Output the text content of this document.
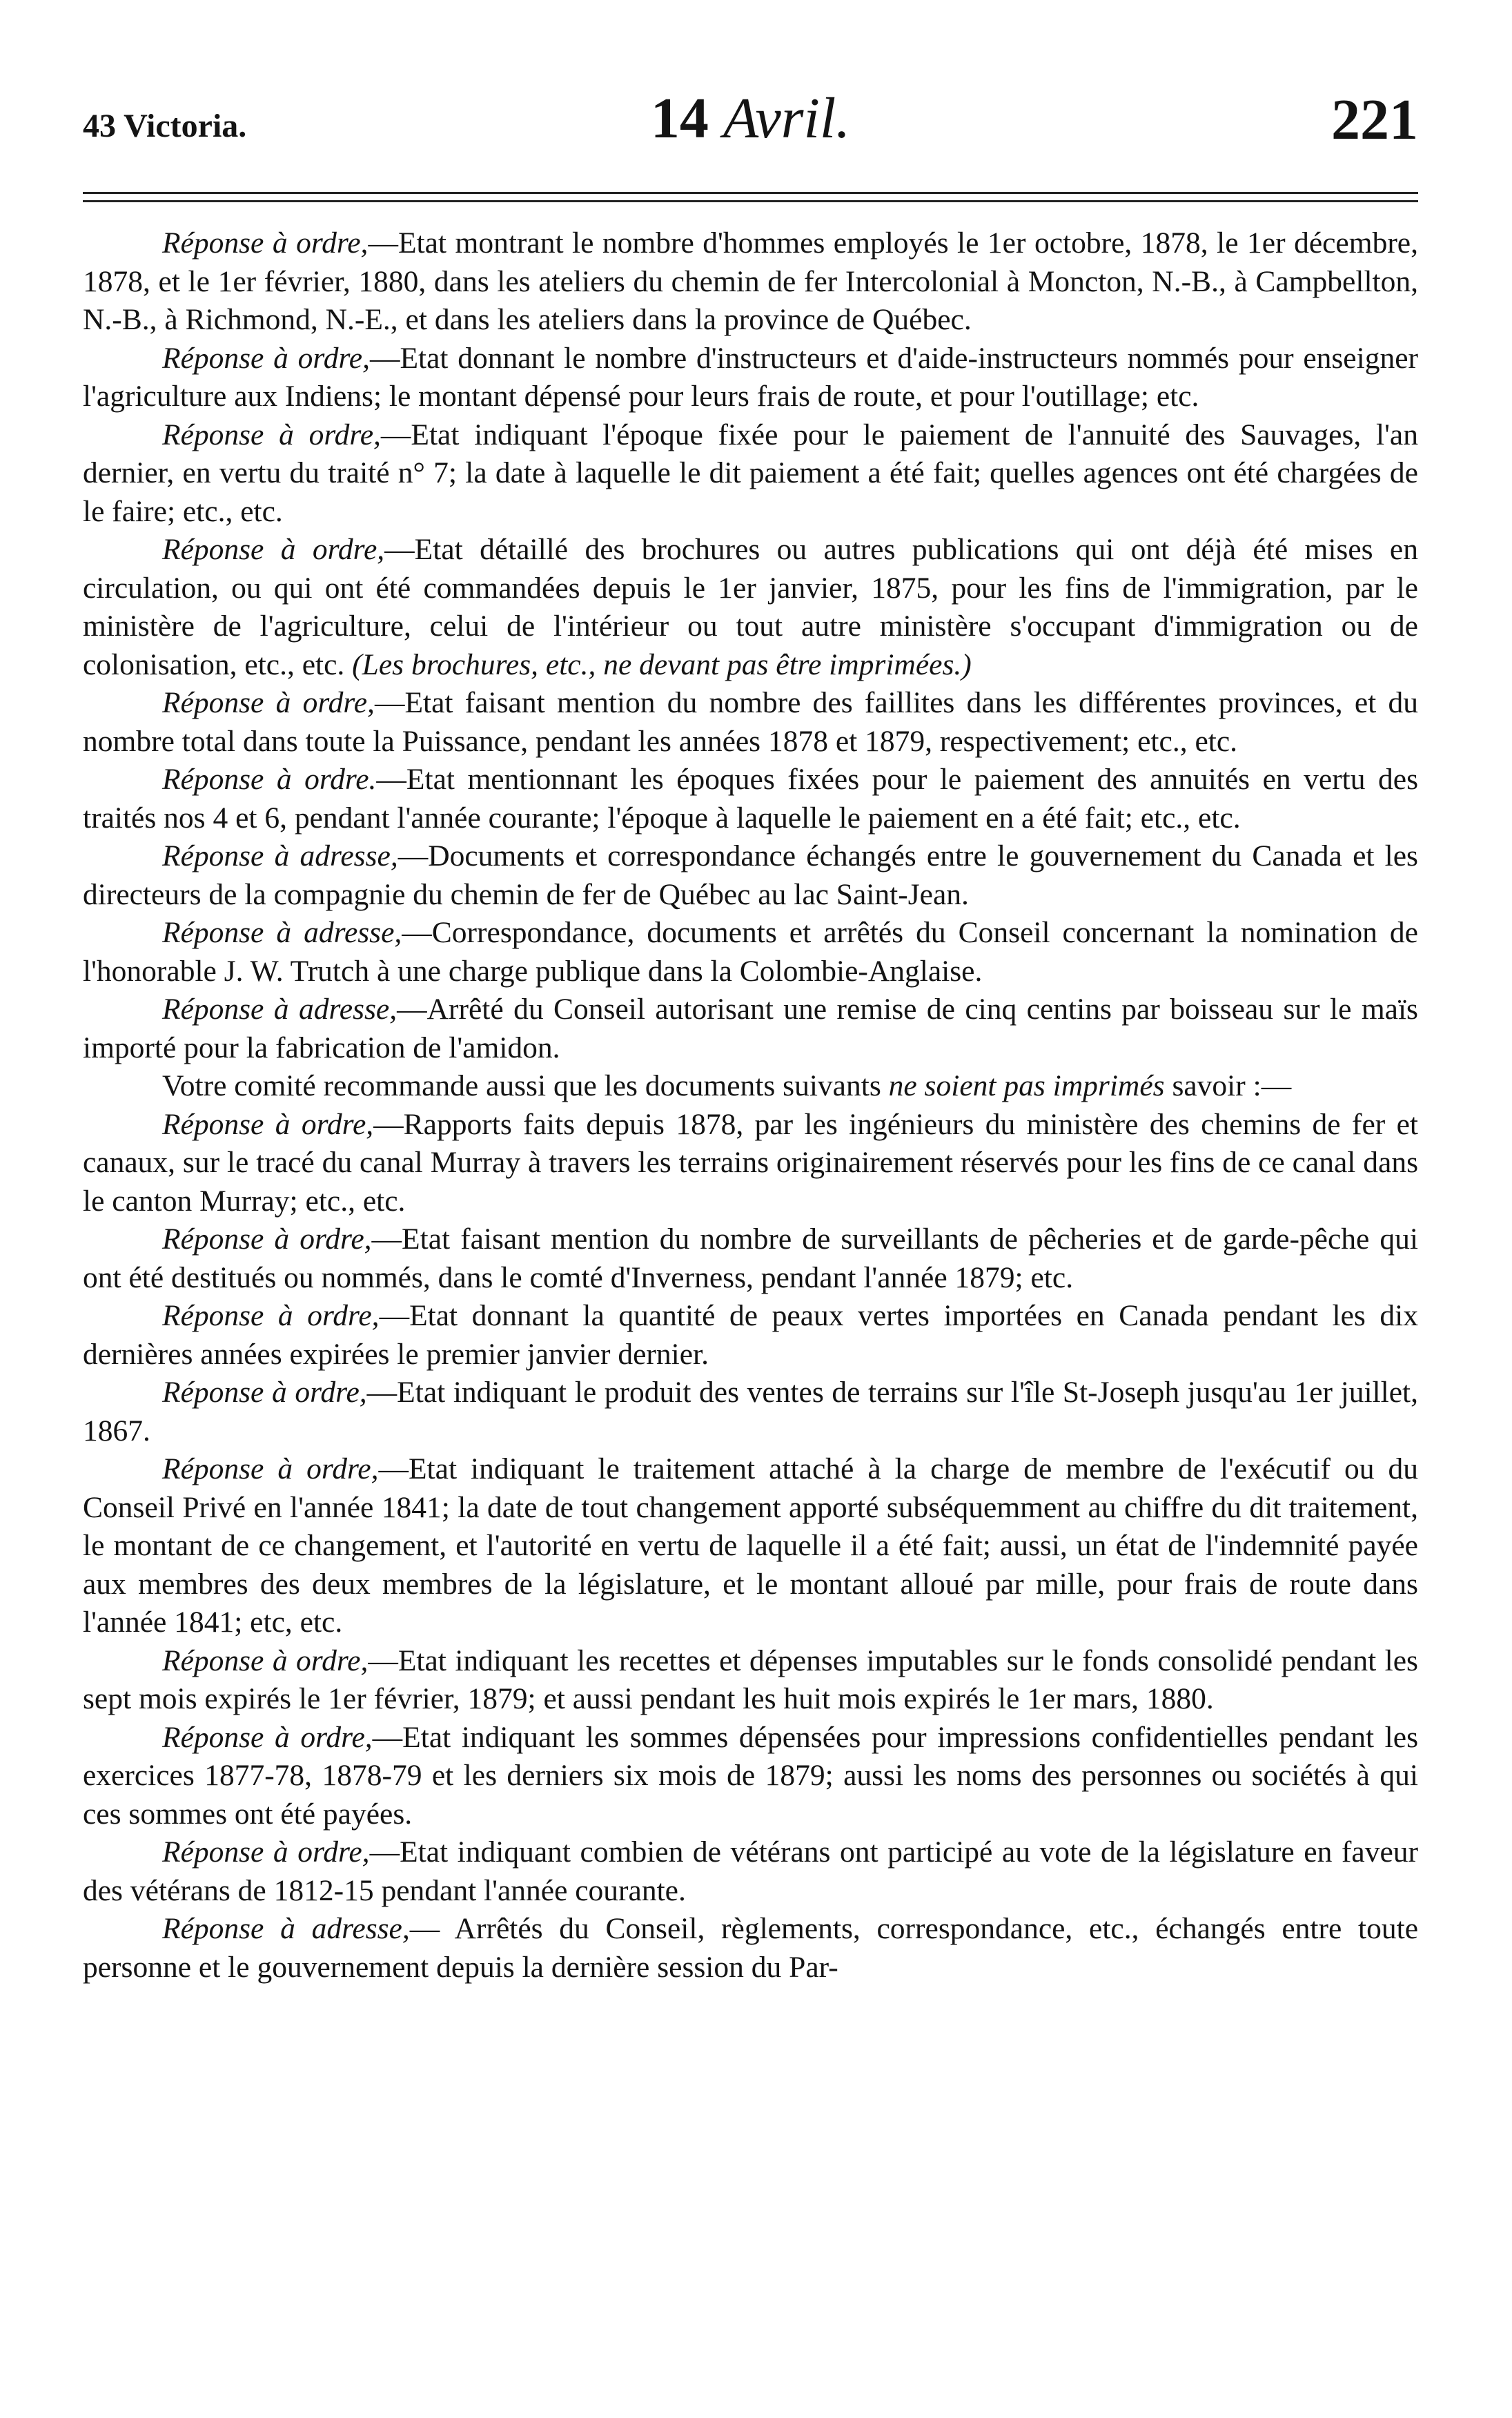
43 Victoria.	14 Avril.	221

Réponse à ordre,—Etat montrant le nombre d'hommes employés le 1er octobre, 1878, le 1er décembre, 1878, et le 1er février, 1880, dans les ateliers du chemin de fer Intercolonial à Moncton, N.-B., à Campbellton, N.-B., à Richmond, N.-E., et dans les ateliers dans la province de Québec.

Réponse à ordre,—Etat donnant le nombre d'instructeurs et d'aide-instructeurs nommés pour enseigner l'agriculture aux Indiens; le montant dépensé pour leurs frais de route, et pour l'outillage; etc.

Réponse à ordre,—Etat indiquant l'époque fixée pour le paiement de l'annuité des Sauvages, l'an dernier, en vertu du traité n° 7; la date à laquelle le dit paiement a été fait; quelles agences ont été chargées de le faire; etc., etc.

Réponse à ordre,—Etat détaillé des brochures ou autres publications qui ont déjà été mises en circulation, ou qui ont été commandées depuis le 1er janvier, 1875, pour les fins de l'immigration, par le ministère de l'agriculture, celui de l'intérieur ou tout autre ministère s'occupant d'immigration ou de colonisation, etc., etc. (Les brochures, etc., ne devant pas être imprimées.)

Réponse à ordre,—Etat faisant mention du nombre des faillites dans les différentes provinces, et du nombre total dans toute la Puissance, pendant les années 1878 et 1879, respectivement; etc., etc.

Réponse à ordre.—Etat mentionnant les époques fixées pour le paiement des annuités en vertu des traités nos 4 et 6, pendant l'année courante; l'époque à laquelle le paiement en a été fait; etc., etc.

Réponse à adresse,—Documents et correspondance échangés entre le gouvernement du Canada et les directeurs de la compagnie du chemin de fer de Québec au lac Saint-Jean.

Réponse à adresse,—Correspondance, documents et arrêtés du Conseil concernant la nomination de l'honorable J. W. Trutch à une charge publique dans la Colombie-Anglaise.

Réponse à adresse,—Arrêté du Conseil autorisant une remise de cinq centins par boisseau sur le maïs importé pour la fabrication de l'amidon.

Votre comité recommande aussi que les documents suivants ne soient pas imprimés savoir :—

Réponse à ordre,—Rapports faits depuis 1878, par les ingénieurs du ministère des chemins de fer et canaux, sur le tracé du canal Murray à travers les terrains originairement réservés pour les fins de ce canal dans le canton Murray; etc., etc.

Réponse à ordre,—Etat faisant mention du nombre de surveillants de pêcheries et de garde-pêche qui ont été destitués ou nommés, dans le comté d'Inverness, pendant l'année 1879; etc.

Réponse à ordre,—Etat donnant la quantité de peaux vertes importées en Canada pendant les dix dernières années expirées le premier janvier dernier.

Réponse à ordre,—Etat indiquant le produit des ventes de terrains sur l'île St-Joseph jusqu'au 1er juillet, 1867.

Réponse à ordre,—Etat indiquant le traitement attaché à la charge de membre de l'exécutif ou du Conseil Privé en l'année 1841; la date de tout changement apporté subséquemment au chiffre du dit traitement, le montant de ce changement, et l'autorité en vertu de laquelle il a été fait; aussi, un état de l'indemnité payée aux membres des deux membres de la législature, et le montant alloué par mille, pour frais de route dans l'année 1841; etc, etc.

Réponse à ordre,—Etat indiquant les recettes et dépenses imputables sur le fonds consolidé pendant les sept mois expirés le 1er février, 1879; et aussi pendant les huit mois expirés le 1er mars, 1880.

Réponse à ordre,—Etat indiquant les sommes dépensées pour impressions confidentielles pendant les exercices 1877-78, 1878-79 et les derniers six mois de 1879; aussi les noms des personnes ou sociétés à qui ces sommes ont été payées.

Réponse à ordre,—Etat indiquant combien de vétérans ont participé au vote de la législature en faveur des vétérans de 1812-15 pendant l'année courante.

Réponse à adresse,— Arrêtés du Conseil, règlements, correspondance, etc., échangés entre toute personne et le gouvernement depuis la dernière session du Par-
